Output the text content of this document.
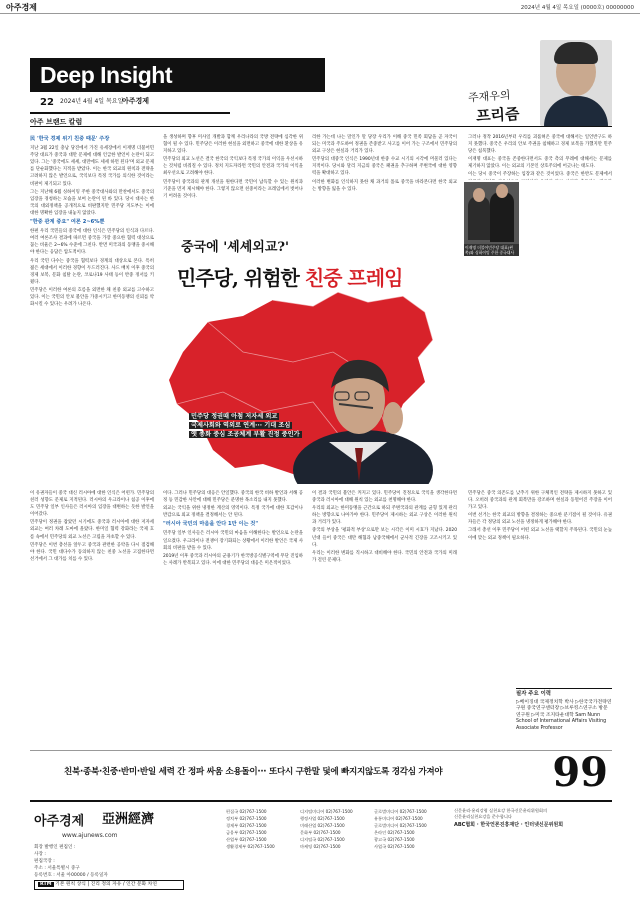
아주경제	2024년 4월 4일 목요일 (0000호) 00000000
Deep Insight
22 2024년 4월 4일 목요일
아주경제
아주 브랜드 칼럼
주재우의
프리즘

民 '한국 경제 위기 친중 때문' 주장

지난 3월 22일 충남 당진에서 가진 유세장에서 이재명 더불어민주당 대표가 중국과 대만 문제에 대해 언급한 발언이 논란이 되고 있다. 그는 '중국에도 셰셰, 대만에도 셰셰 하면 된다'며 외교 문제를 단순화했다는 지적을 받았다. 이는 한국 외교의 원칙과 전략을 고려하지 않은 발언으로, 국익보다 특정 국가를 의식한 것이라는 비판이 제기되고 있다.

그는 지난해 6월 싱하이밍 주한 중국대사와의 만찬에서도 중국의 입장을 경청하는 모습을 보여 논란이 된 바 있다. 당시 대사는 한국의 대외정책을 공개적으로 비판했지만 민주당 지도부는 이에 대한 명확한 입장을 내놓지 않았다.

"한중 관계 중요" 여론 2~6%뿐

한편 우리 국민들의 중국에 대한 인식은 민주당의 인식과 다르다. 여러 여론조사 결과에 따르면 중국을 가장 중요한 협력 대상으로 꼽는 비율은 2~6% 수준에 그친다. 반면 미국과의 동맹을 중시해야 한다는 응답은 압도적이다.

우리 국민 다수는 중국을 협력보다 경계의 대상으로 본다. 특히 젊은 세대에서 이러한 경향이 두드러진다. 사드 배치 이후 중국의 경제 보복, 문화 침탈 논란, 코로나19 사태 등이 반중 정서를 키웠다.

민주당은 이러한 여론의 흐름을 외면한 채 친중 외교를 고수하고 있다. 이는 국민의 안보 불안을 가중시키고 한미동맹의 신뢰를 약화시킬 수 있다는 우려가 나온다.

을 생성하며 향후 미사일 개발과 함께 우리나라의 국방 전략에 심각한 위협이 될 수 있다. 민주당은 이러한 현실을 외면하고 중국에 대한 환상을 유지하고 있다.

민주당의 외교 노선은 결국 한국의 국익보다 특정 국가의 이익을 우선시하는 것처럼 비춰질 수 있다. 정치 지도자라면 국민의 안전과 국가의 이익을 최우선으로 고려해야 한다.

민주당이 중국과의 관계 개선을 원한다면 국민이 납득할 수 있는 원칙과 기준을 먼저 제시해야 한다. 그렇지 않으면 친중이라는 프레임에서 벗어나기 어려울 것이다.

리한 가는데 나는 말인가 말 당장 우리가 이해 중국 민족 회담을 곧 자국이 되는 미국과 주도하여 정권을 존중받고 사고를 이어 가는 구조에서 민주당의 외교 구상은 현실과 거리가 있다.

민주당의 대중국 인식은 1990년대 한중 수교 시기의 시각에 머물러 있다는 지적이다. 당시와 달리 지금의 중국은 패권을 추구하며 주변국에 대한 영향력을 확대하고 있다.

이러한 변화를 인식하지 못한 채 과거의 틀로 중국을 바라본다면 한국 외교는 방향을 잃을 수 있다.

그러나 정작 2016년부터 우리를 괴롭혀온 중국에 대해서는 일언반구도 하지 못했다. 중국은 우리의 안보 주권을 침해하고 경제 보복을 가했지만 민주당은 침묵했다.

이재명 대표는 중국을 존중한다면서도 중국 측의 무례에 대해서는 문제를 제기하지 않았다. 이는 외교의 기본인 상호주의에 어긋나는 태도다.

이는 당시 중국이 주장하는 입장과 같은 것이었다. 중국은 한반도 문제에서

중국에 '셰셰외교?'
민주당, 위험한 친중 프레임
민주당 정권때 아첨 저자세 외교
국제사회와 역외로 연계··· 기대 조심
옛 종화 중심 조공체계 부활 진정 중인가
이재명 더불어민주당 대표(왼쪽)와 싱하이밍 주한 중국대사

이 유권자들이 중국 대신 러시아에 대한 인식은 어떤가. 민주당의 친러 성향도 문제로 지적된다. 러시아의 우크라이나 침공 이후에도 민주당 일부 인사들은 러시아의 입장을 대변하는 듯한 발언을 이어갔다.

민주당이 정권을 잡았던 시기에도 중국과 러시아에 대한 저자세 외교는 여러 차례 도마에 올랐다. 한미일 협력 강화라는 국제 흐름 속에서 민주당의 외교 노선은 고립을 자초할 수 있다.

민주당은 이번 총선을 앞두고 중국과 관련한 공약을 다시 점검해야 한다. 국민 대다수가 동의하지 않는 친중 노선을 고집한다면 선거에서 그 대가를 치를 수 있다.

이다. 그러나 민주당의 대응은 안일했다. 중국의 한국 비하 발언과 서해 공정 등 민감한 사안에 대해 민주당은 분명한 목소리를 내지 못했다.

외교는 국익을 위한 냉정한 계산의 영역이다. 특정 국가에 대한 호감이나 반감으로 외교 정책을 결정해서는 안 된다.

"러시아 국민의 마음을 안다 1만 이는 것"

민주당 일부 인사들은 러시아 국민의 마음을 이해한다는 발언으로 논란을 일으켰다. 우크라이나 전쟁이 장기화되는 상황에서 이러한 발언은 국제 사회의 비판을 받을 수 있다.

2019년 이후 중국과 러시아의 군용기가 한국방공식별구역에 무단 진입하는 사례가 반복되고 있다. 이에 대한 민주당의 대응은 미온적이었다.

이 결과 국민의 불안은 커지고 있다. 민주당이 진정으로 국익을 생각한다면 중국과 러시아에 대해 원칙 있는 외교를 천명해야 한다.

우리의 외교는 한미동맹을 근간으로 하되 주변국과의 관계를 균형 있게 관리하는 방향으로 나아가야 한다. 민주당이 제시하는 외교 구상은 이러한 원칙과 거리가 있다.

중국의 부상을 '평화적 부상'으로만 보는 시각은 이미 시효가 지났다. 2020년대 들어 중국은 대만 해협과 남중국해에서 군사적 긴장을 고조시키고 있다.

우리는 이러한 변화를 직시하고 대비해야 한다. 국민의 안전과 국가의 미래가 걸린 문제다.

민주당은 중국 의존도를 낮추기 위한 구체적인 전략을 제시하지 못하고 있다. 오히려 중국과의 관계 회복만을 강조하며 현실과 동떨어진 주장을 이어가고 있다.

이번 선거는 한국 외교의 방향을 결정하는 중요한 분기점이 될 것이다. 유권자들은 각 정당의 외교 노선을 냉정하게 평가해야 한다.

그래서 총선 이후 민주당이 어떤 외교 노선을 택할지 주목된다. 국민의 눈높이에 맞는 외교 정책이 필요하다.

필자 주요 이력
▷베이징대 국제정치학 박사 ▷한국국가전략연구원 중국연구센터장 ▷브루킹스연구소 방문연구원 ▷미국 조지타운대학 Sam Nunn School of International Affairs Visiting Associate Professor
친북·종북·친중·반미·반일 세력 간 정파 싸움 소용돌이··· 또다시 구한말 덫에 빠지지않도록 경각심 가져야	99
아주경제 亞洲經濟
www.ajunews.com
회장 발행인 편집인 :
사장 :
편집국장 :
주소 : 서울특별시 중구
등록번호 : 서울 아00000 / 등록일자
RTM 기본 원칙 상식 | 진리 정의 자유 / 인간 문화 차연
편집국 02)767-1500	디지털미디어 02)767-1500	글로벌미디어 02)767-1500
정치부 02)767-1500	행정사업 02)767-1500	유통미디어 02)767-1500
경제부 02)767-1500	미래산업 02)767-1500	글로벌미디어 02)767-1500
금융부 02)767-1500	문화부 02)767-1500	온라인 02)767-1500
산업부 02)767-1500	디지털국 02)767-1500	광고국 02)767-1500
생활경제부 02)767-1500	마케팅 02)767-1500	사업국 02)767-1500
신문윤리·윤리강령 실천요강 한국신문윤리위원회의
신문윤리실천요강을 준수합니다
ABC협회 · 한국언론진흥재단 · 인터넷신문위원회
